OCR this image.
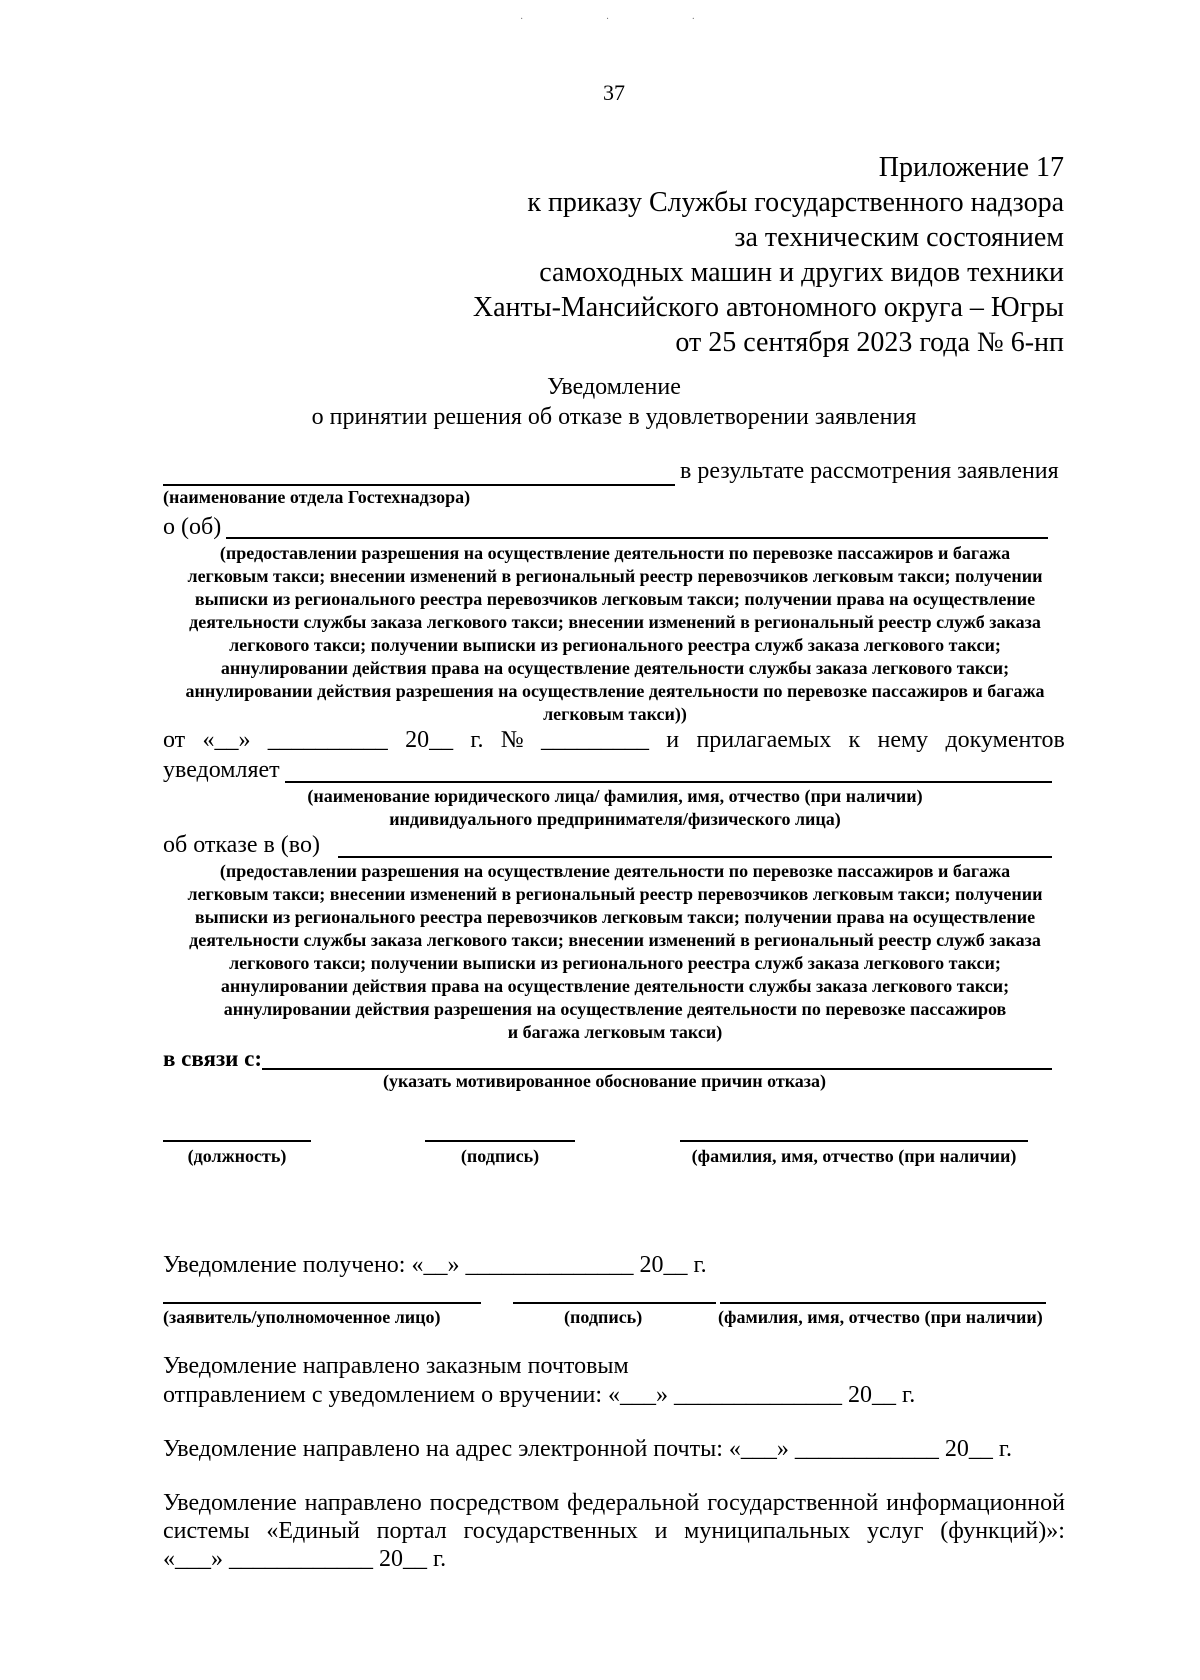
· · ·
37
Приложение 17
к приказу Службы государственного надзора
за техническим состоянием
самоходных машин и других видов техники
Ханты-Мансийского автономного округа – Югры
от 25 сентября 2023 года № 6-нп
Уведомление
о принятии решения об отказе в удовлетворении заявления
в результате рассмотрения заявления
(наименование отдела Гостехнадзора)
о (об)
(предоставлении разрешения на осуществление деятельности по перевозке пассажиров и багажа
легковым такси; внесении изменений в региональный реестр перевозчиков легковым такси; получении
выписки из регионального реестра перевозчиков легковым такси; получении права на осуществление
деятельности службы заказа легкового такси; внесении изменений в региональный реестр служб заказа
легкового такси; получении выписки из регионального реестра служб заказа легкового такси;
аннулировании действия права на осуществление деятельности службы заказа легкового такси;
аннулировании действия разрешения на осуществление деятельности по перевозке пассажиров и багажа
легковым такси))
от «__» __________ 20__ г. № _________ и прилагаемых к нему документов
уведомляет
(наименование юридического лица/ фамилия, имя, отчество (при наличии)
индивидуального предпринимателя/физического лица)
об отказе в (во)
(предоставлении разрешения на осуществление деятельности по перевозке пассажиров и багажа
легковым такси; внесении изменений в региональный реестр перевозчиков легковым такси; получении
выписки из регионального реестра перевозчиков легковым такси; получении права на осуществление
деятельности службы заказа легкового такси; внесении изменений в региональный реестр служб заказа
легкового такси; получении выписки из регионального реестра служб заказа легкового такси;
аннулировании действия права на осуществление деятельности службы заказа легкового такси;
аннулировании действия разрешения на осуществление деятельности по перевозке пассажиров
и багажа легковым такси)
в связи с:
(указать мотивированное обоснование причин отказа)
(должность)	(подпись)	(фамилия, имя, отчество (при наличии)
Уведомление получено: «__» ______________ 20__ г.
(заявитель/уполномоченное лицо)	(подпись)	(фамилия, имя, отчество (при наличии)
Уведомление направлено заказным почтовым
отправлением с уведомлением о вручении: «___» ______________ 20__ г.
Уведомление направлено на адрес электронной почты: «___» ____________ 20__ г.
Уведомление направлено посредством федеральной государственной информационной
системы «Единый портал государственных и муниципальных услуг (функций)»:
«___» ____________ 20__ г.
